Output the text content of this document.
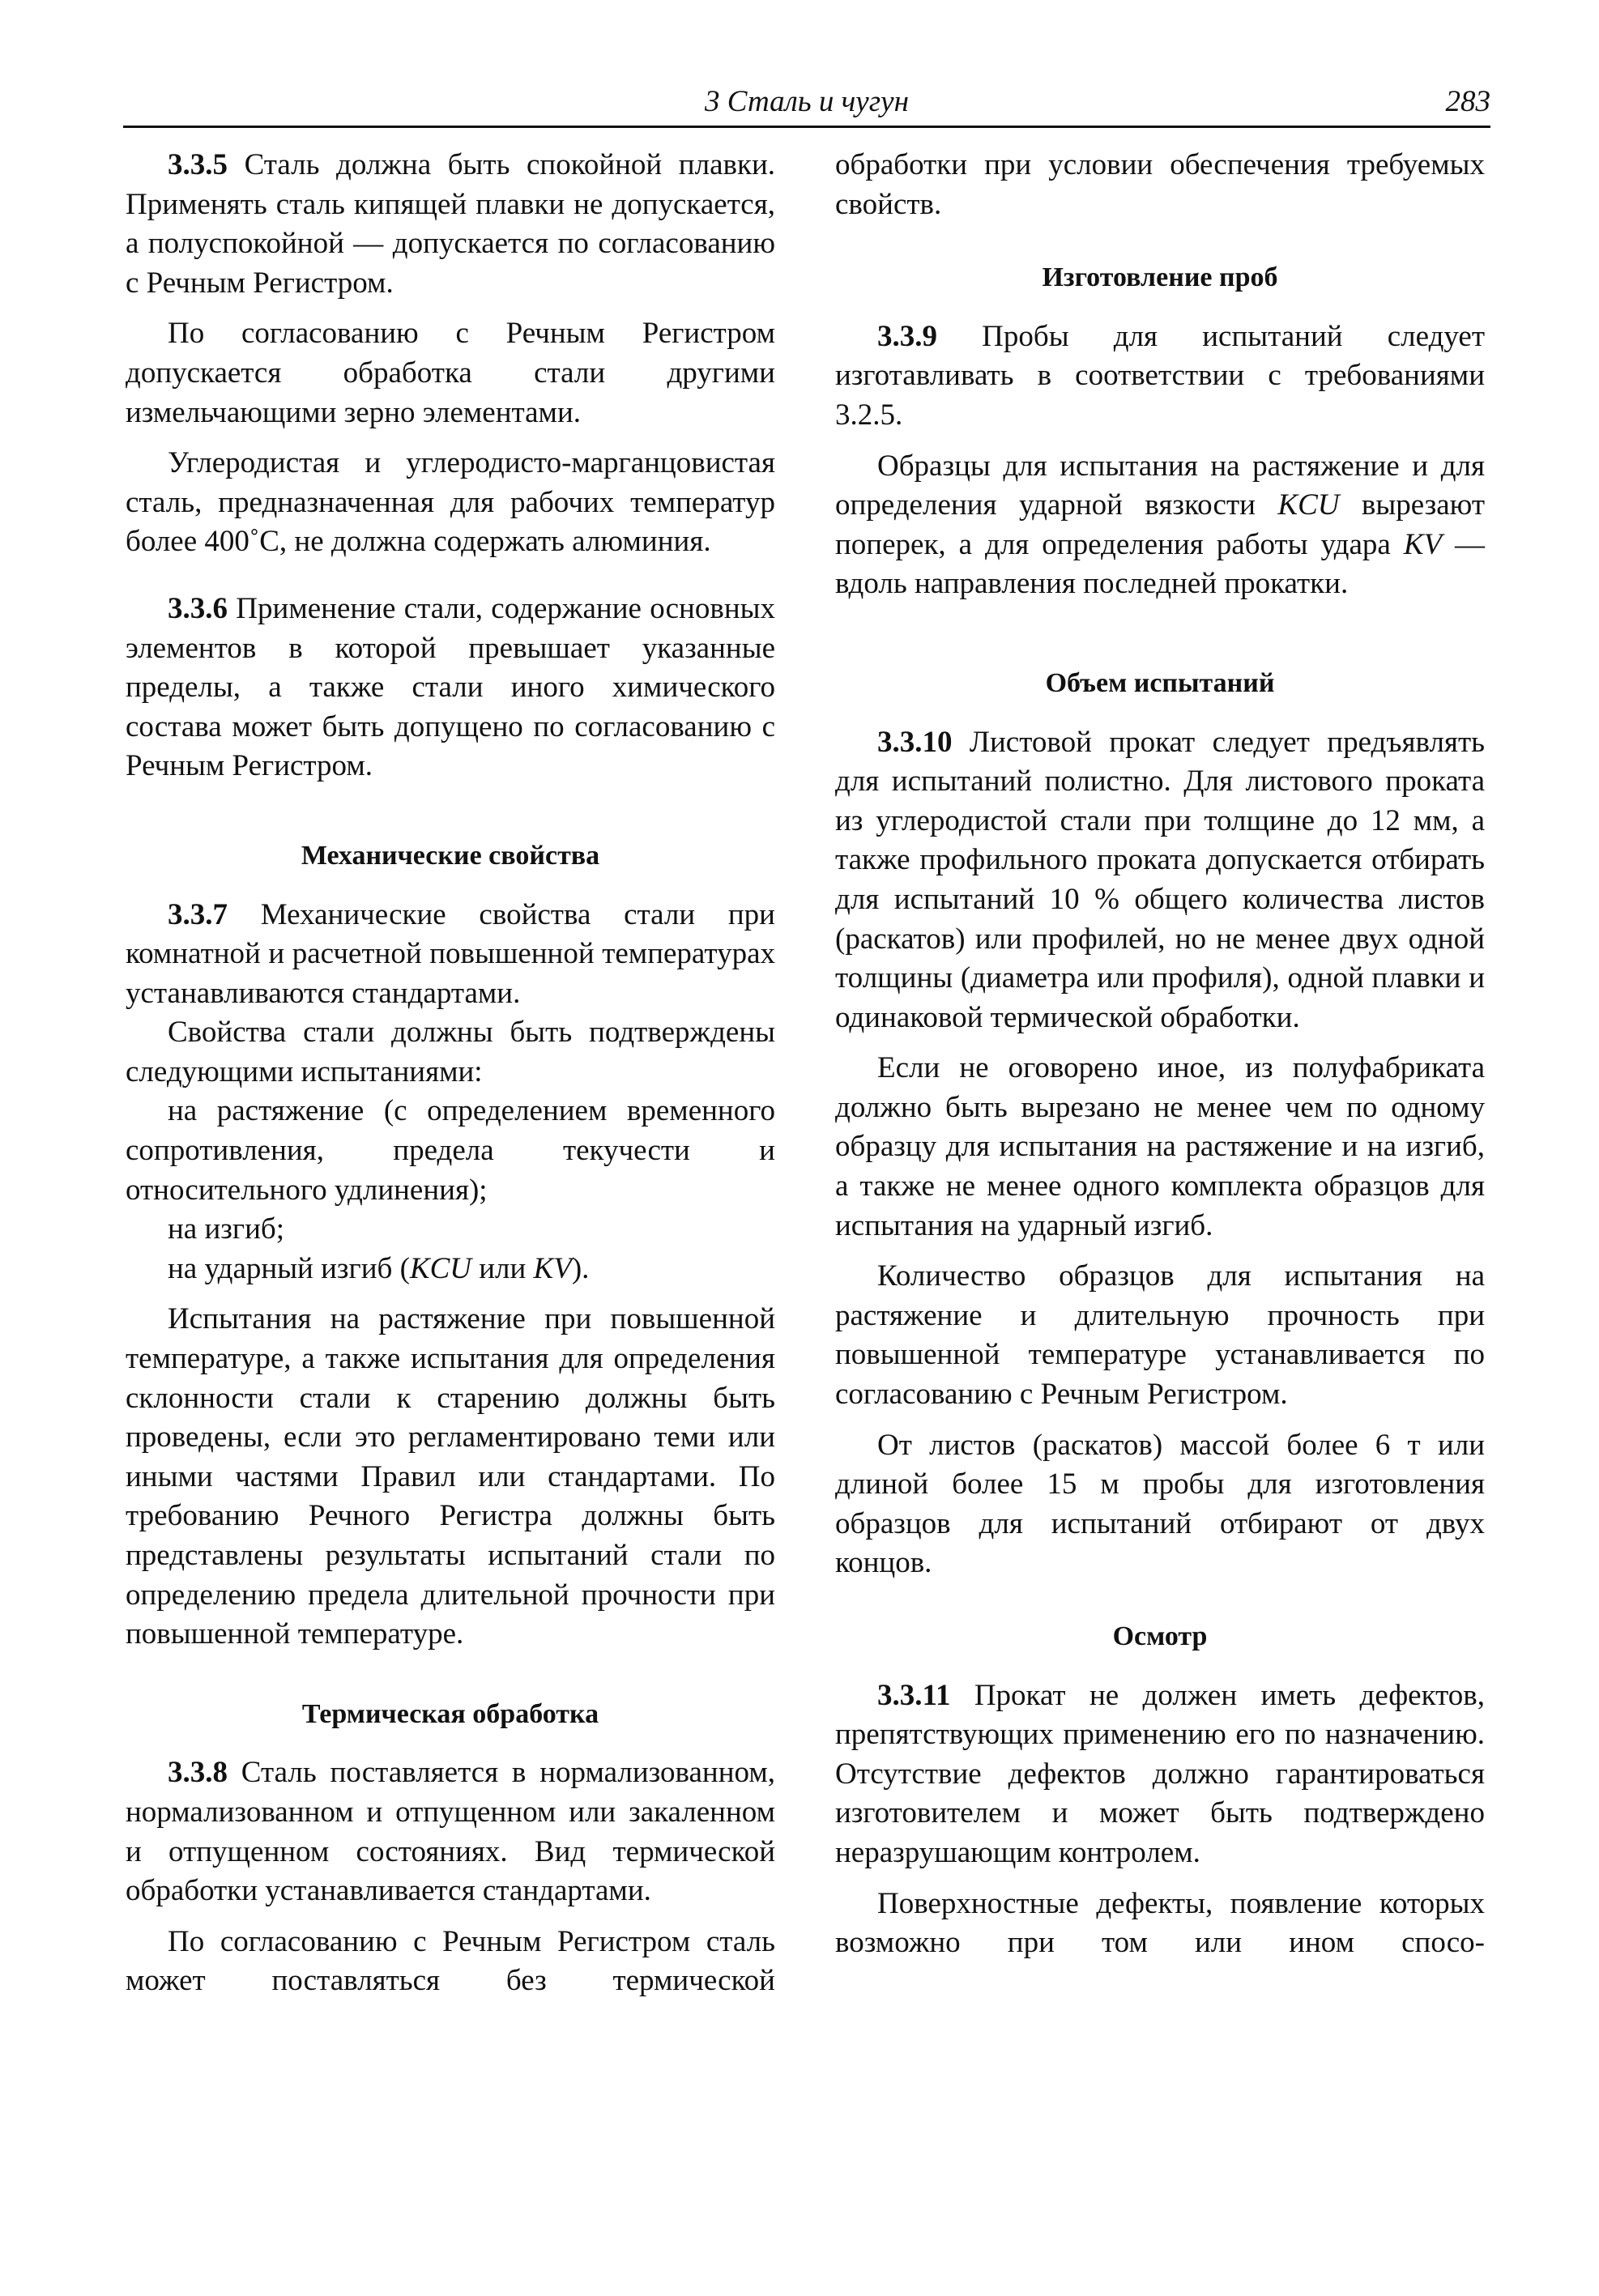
3 Сталь и чугун	283

3.3.5 Сталь должна быть спокойной плавки. Применять сталь кипящей плавки не допускается, а полуспокойной — допускается по согласованию с Речным Регистром.

По согласованию с Речным Регистром допускается обработка стали другими измельчающими зерно элементами.

Углеродистая и углеродисто-марганцовистая сталь, предназначенная для рабочих температур более 400˚С, не должна содержать алюминия.

3.3.6 Применение стали, содержание основных элементов в которой превышает указанные пределы, а также стали иного химического состава может быть допущено по согласованию с Речным Регистром.

Механические свойства

3.3.7 Механические свойства стали при комнатной и расчетной повышенной температурах устанавливаются стандартами.

Свойства стали должны быть подтверждены следующими испытаниями:

на растяжение (с определением временного сопротивления, предела текучести и относительного удлинения);

на изгиб;

на ударный изгиб (KCU или KV).

Испытания на растяжение при повышенной температуре, а также испытания для определения склонности стали к старению должны быть проведены, если это регламентировано теми или иными частями Правил или стандартами. По требованию Речного Регистра должны быть представлены результаты испытаний стали по определению предела длительной прочности при повышенной температуре.

Термическая обработка

3.3.8 Сталь поставляется в нормализованном, нормализованном и отпущенном или закаленном и отпущенном состояниях. Вид термической обработки устанавливается стандартами.

По согласованию с Речным Регистром сталь может поставляться без термической

обработки при условии обеспечения требуемых свойств.

Изготовление проб

3.3.9 Пробы для испытаний следует изготавливать в соответствии с требованиями 3.2.5.

Образцы для испытания на растяжение и для определения ударной вязкости KCU вырезают поперек, а для определения работы удара KV — вдоль направления последней прокатки.

Объем испытаний

3.3.10 Листовой прокат следует предъявлять для испытаний полистно. Для листового проката из углеродистой стали при толщине до 12 мм, а также профильного проката допускается отбирать для испытаний 10 % общего количества листов (раскатов) или профилей, но не менее двух одной толщины (диаметра или профиля), одной плавки и одинаковой термической обработки.

Если не оговорено иное, из полуфабриката должно быть вырезано не менее чем по одному образцу для испытания на растяжение и на изгиб, а также не менее одного комплекта образцов для испытания на ударный изгиб.

Количество образцов для испытания на растяжение и длительную прочность при повышенной температуре устанавливается по согласованию с Речным Регистром.

От листов (раскатов) массой более 6 т или длиной более 15 м пробы для изготовления образцов для испытаний отбирают от двух концов.

Осмотр

3.3.11 Прокат не должен иметь дефектов, препятствующих применению его по назначению. Отсутствие дефектов должно гарантироваться изготовителем и может быть подтверждено неразрушающим контролем.

Поверхностные дефекты, появление которых возможно при том или ином спосо-
